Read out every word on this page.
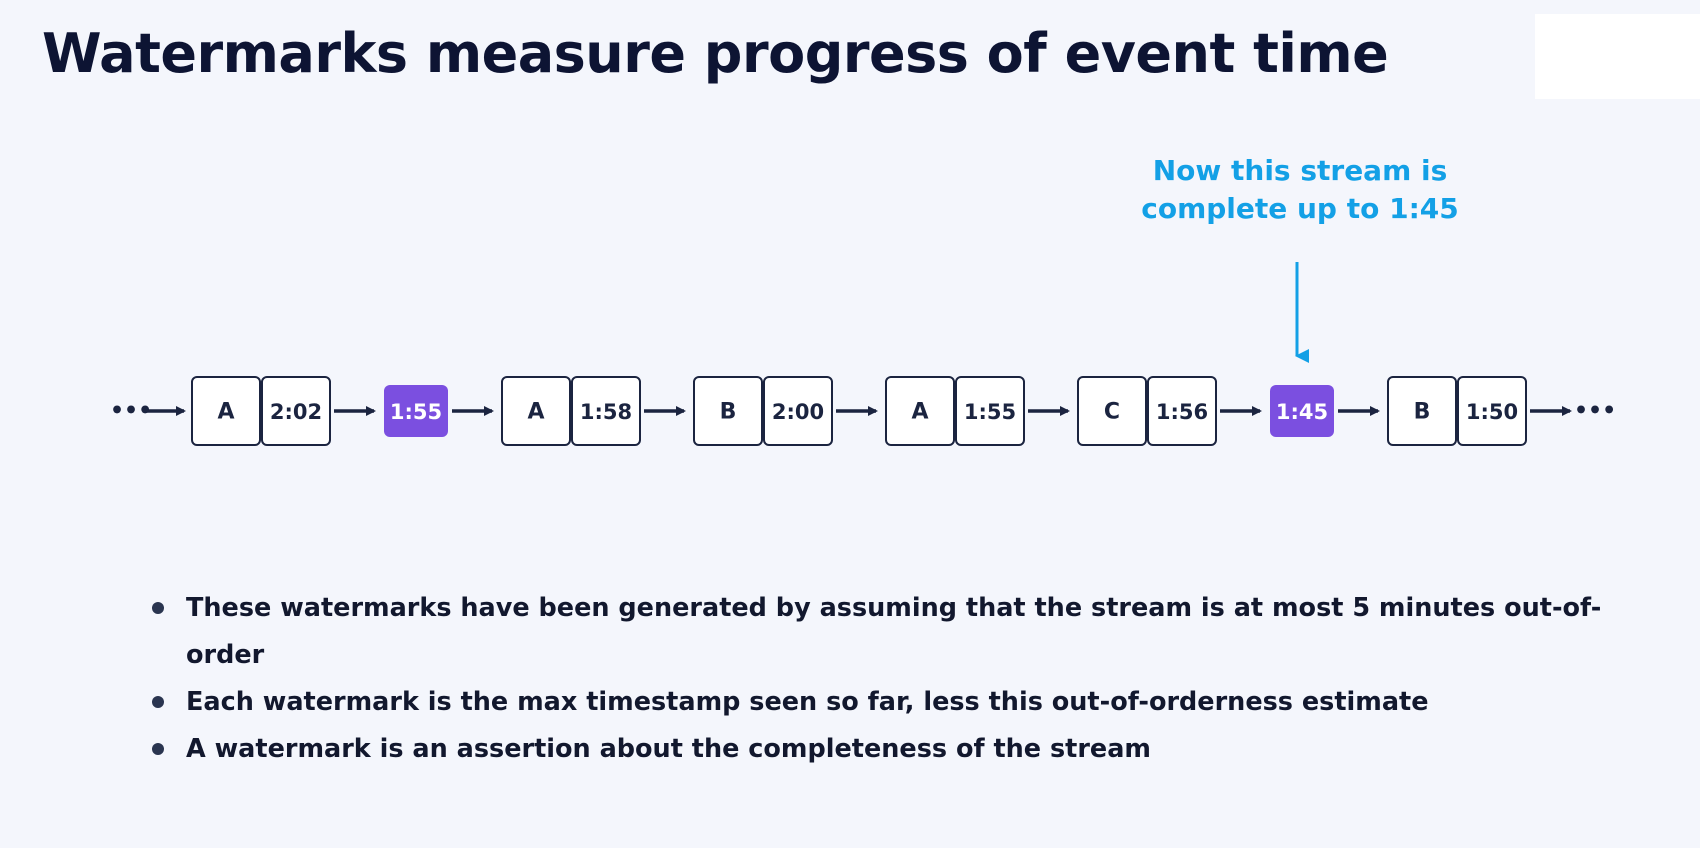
Watermarks measure progress of event time
Now this stream is
complete up to 1:45
•••	A 2:02	1:55	A 1:58	B 2:00	A 1:55	C 1:56	1:45	B 1:50	•••
These watermarks have been generated by assuming that the stream is at most 5 minutes out-of-order
Each watermark is the max timestamp seen so far, less this out-of-orderness estimate
A watermark is an assertion about the completeness of the stream
